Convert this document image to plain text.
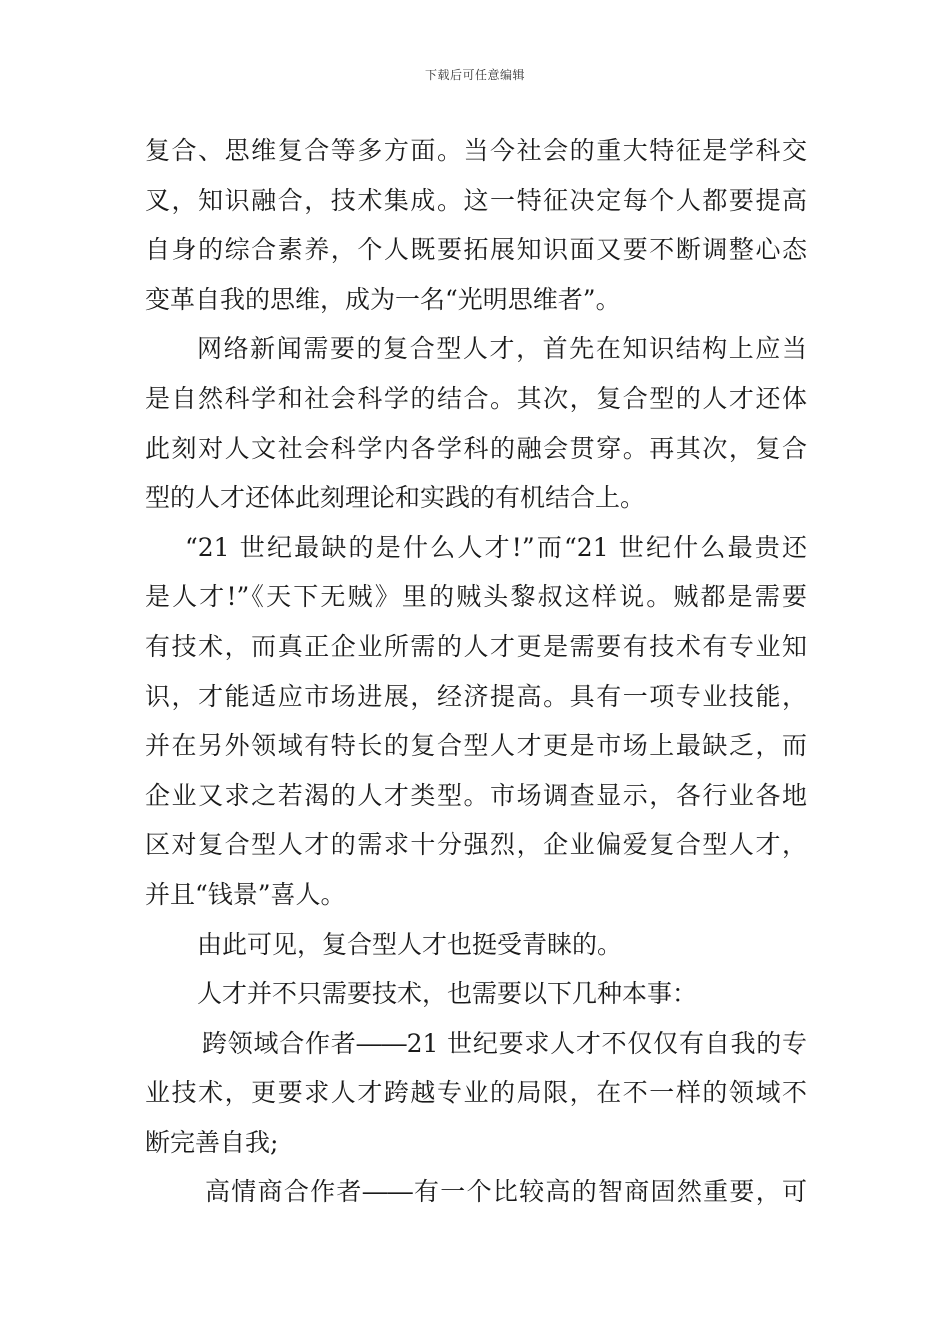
下载后可任意编辑
复合、思维复合等多方面。当今社会的重大特征是学科交
叉，知识融合，技术集成。这一特征决定每个人都要提高
自身的综合素养，个人既要拓展知识面又要不断调整心态
变革自我的思维，成为一名“光明思维者”。
网络新闻需要的复合型人才，首先在知识结构上应当
是自然科学和社会科学的结合。其次，复合型的人才还体
此刻对人文社会科学内各学科的融会贯穿。再其次，复合
型的人才还体此刻理论和实践的有机结合上。
“21 世纪最缺的是什么人才!”而“21 世纪什么最贵还
是人才!”《天下无贼》里的贼头黎叔这样说。贼都是需要
有技术，而真正企业所需的人才更是需要有技术有专业知
识，才能适应市场进展，经济提高。具有一项专业技能，
并在另外领域有特长的复合型人才更是市场上最缺乏，而
企业又求之若渴的人才类型。市场调查显示，各行业各地
区对复合型人才的需求十分强烈，企业偏爱复合型人才，
并且“钱景”喜人。
由此可见，复合型人才也挺受青睐的。
人才并不只需要技术，也需要以下几种本事：
跨领域合作者――21 世纪要求人才不仅仅有自我的专
业技术，更要求人才跨越专业的局限，在不一样的领域不
断完善自我;
高情商合作者――有一个比较高的智商固然重要，可
